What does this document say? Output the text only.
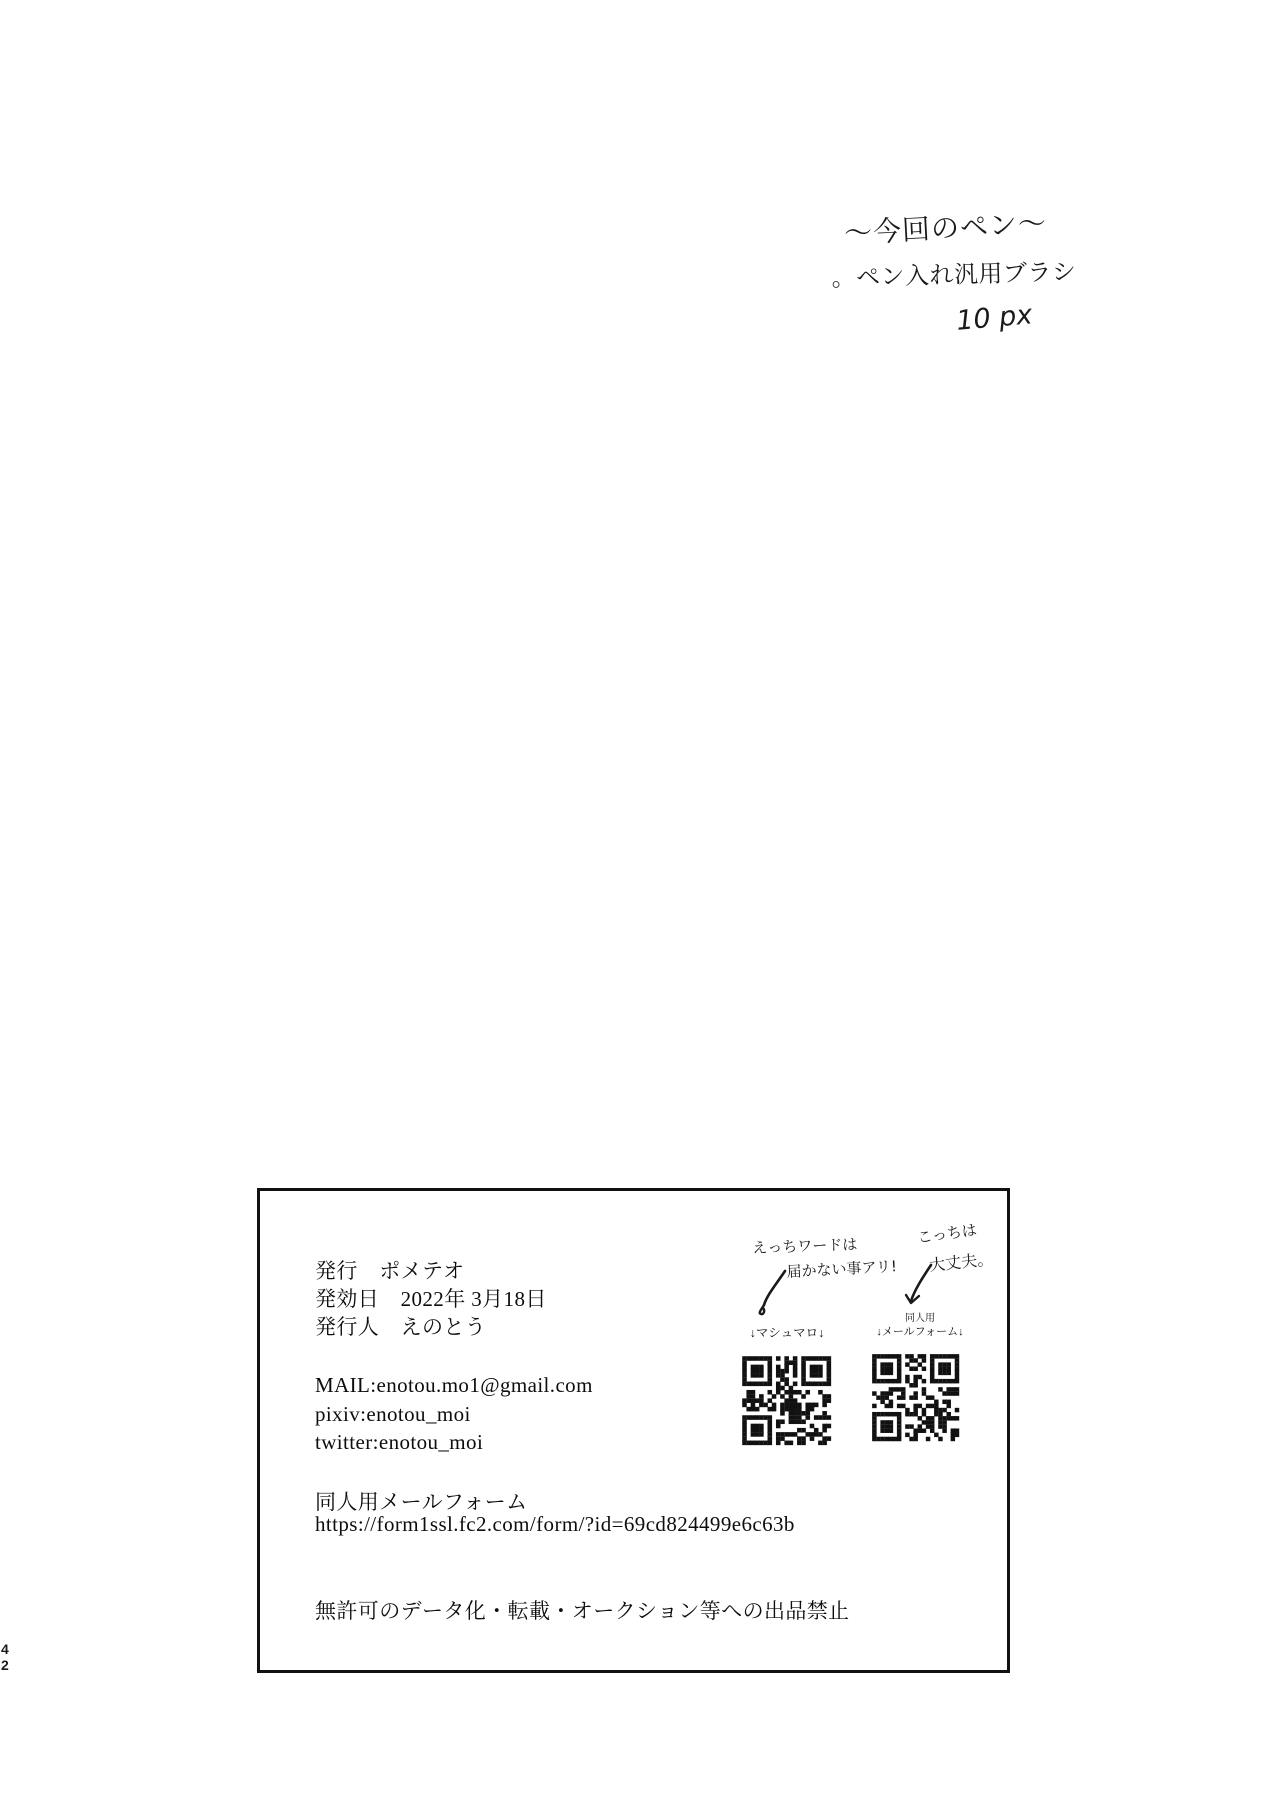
〜今回のペン〜
。ペン入れ汎用ブラシ
10 px
発行　ポメテオ
発効日　2022年 3月18日
発行人　えのとう
MAIL:enotou.mo1@gmail.com
pixiv:enotou_moi
twitter:enotou_moi
同人用メールフォーム
https://form1ssl.fc2.com/form/?id=69cd824499e6c63b
無許可のデータ化・転載・オークション等への出品禁止
えっちワードは
届かない事アリ!
こっちは
大丈夫。
↓マシュマロ↓
同人用
↓メールフォーム↓
4
2
